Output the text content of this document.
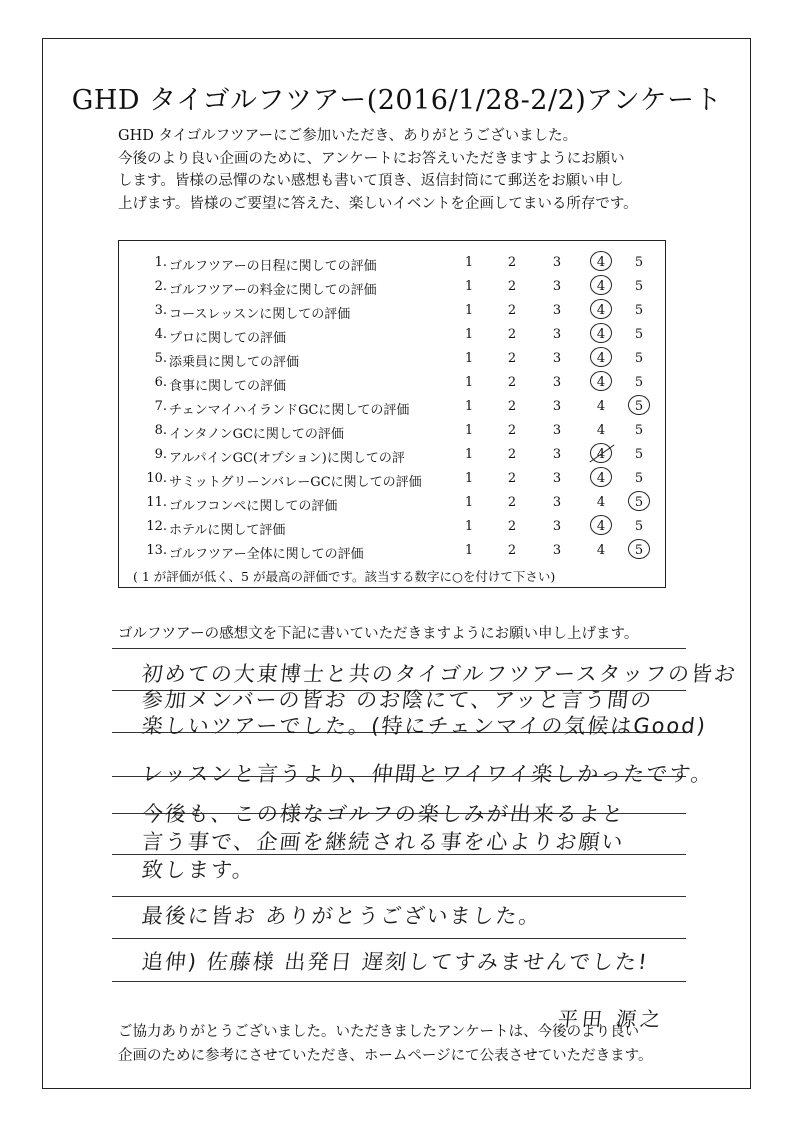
GHD タイゴルフツアー(2016/1/28-2/2)アンケート
GHD タイゴルフツアーにご参加いただき、ありがとうございました。
今後のより良い企画のために、アンケートにお答えいただきますようにお願い
します。皆様の忌憚のない感想も書いて頂き、返信封筒にて郵送をお願い申し
上げます。皆様のご要望に答えた、楽しいイベントを企画してまいる所存です。
1. ゴルフツアーの日程に関しての評価	1	2	3	4	5
2. ゴルフツアーの料金に関しての評価	1	2	3	4	5
3. コースレッスンに関しての評価	1	2	3	4	5
4. プロに関しての評価	1	2	3	4	5
5. 添乗員に関しての評価	1	2	3	4	5
6. 食事に関しての評価	1	2	3	4	5
7. チェンマイハイランドGCに関しての評価	1	2	3	4	5
8. インタノンGCに関しての評価	1	2	3	4	5
9. アルパインGC(オプション)に関しての評	1	2	3	4	5
10. サミットグリーンバレーGCに関しての評価	1	2	3	4	5
11. ゴルフコンペに関しての評価	1	2	3	4	5
12. ホテルに関して評価	1	2	3	4	5
13. ゴルフツアー全体に関しての評価	1	2	3	4	5
( 1 が評価が低く、5 が最高の評価です。該当する数字に○を付けて下さい)
ゴルフツアーの感想文を下記に書いていただきますようにお願い申し上げます。
初めての大東博士と共のタイゴルフツアースタッフの皆お
参加メンバーの皆お のお陰にて、アッと言う間の
楽しいツアーでした。(特にチェンマイの気候はGood)
レッスンと言うより、仲間とワイワイ楽しかったです。
今後も、この様なゴルフの楽しみが出来るよと
言う事で、企画を継続される事を心よりお願い
致します。
最後に皆お ありがとうございました。
追伸) 佐藤様 出発日 遅刻してすみませんでした!
平田 源之
ご協力ありがとうございました。いただきましたアンケートは、今後のより良い
企画のために参考にさせていただき、ホームページにて公表させていただきます。
